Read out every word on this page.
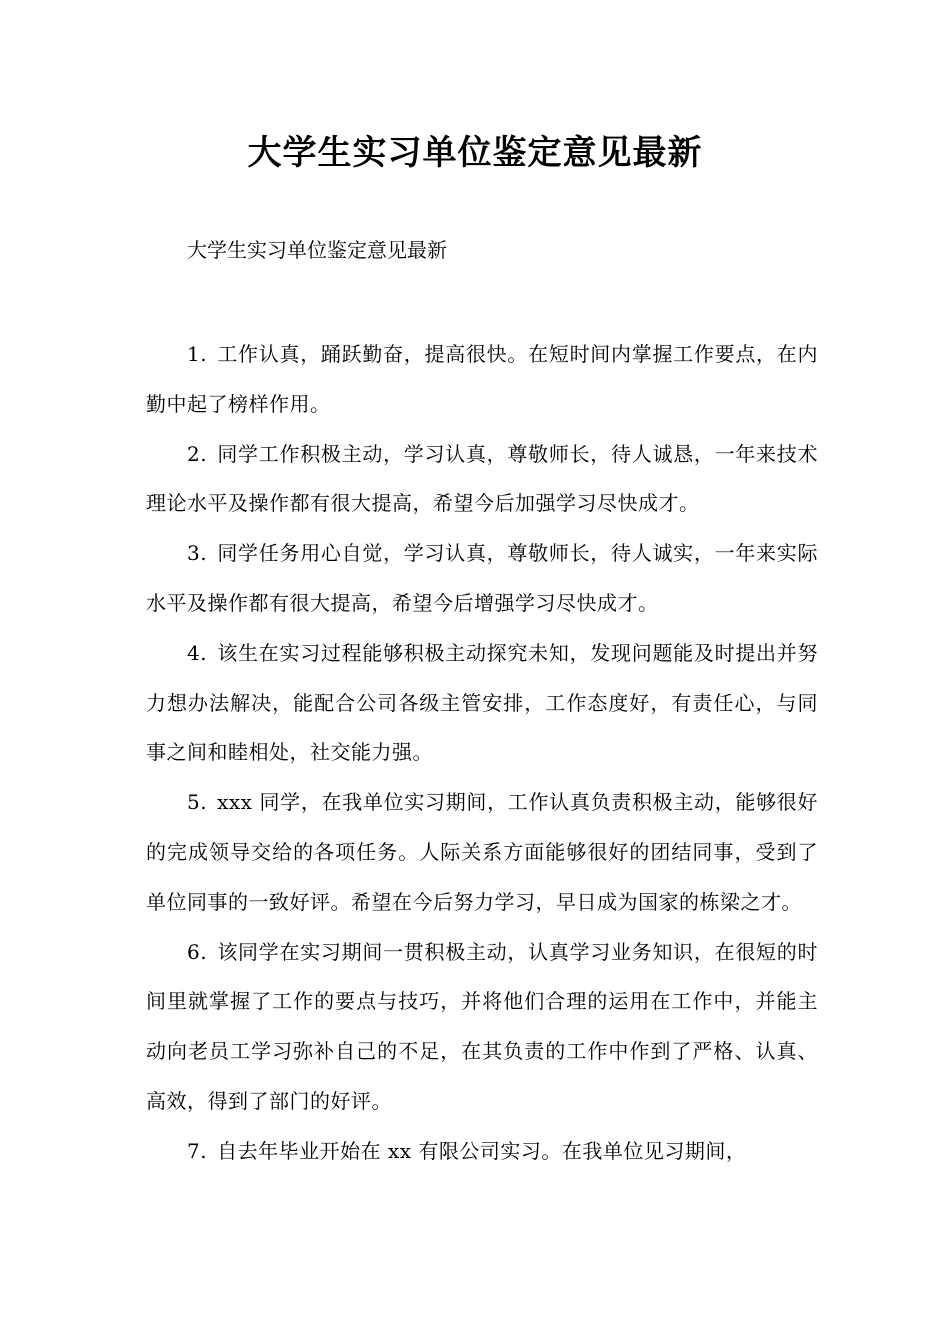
大学生实习单位鉴定意见最新

大学生实习单位鉴定意见最新

1. 工作认真，踊跃勤奋，提高很快。在短时间内掌握工作要点，在内勤中起了榜样作用。

2. 同学工作积极主动，学习认真，尊敬师长，待人诚恳，一年来技术理论水平及操作都有很大提高，希望今后加强学习尽快成才。

3. 同学任务用心自觉，学习认真，尊敬师长，待人诚实，一年来实际水平及操作都有很大提高，希望今后增强学习尽快成才。

4. 该生在实习过程能够积极主动探究未知，发现问题能及时提出并努力想办法解决，能配合公司各级主管安排，工作态度好，有责任心，与同事之间和睦相处，社交能力强。

5. xxx 同学，在我单位实习期间，工作认真负责积极主动，能够很好的完成领导交给的各项任务。人际关系方面能够很好的团结同事，受到了单位同事的一致好评。希望在今后努力学习，早日成为国家的栋梁之才。

6. 该同学在实习期间一贯积极主动，认真学习业务知识，在很短的时间里就掌握了工作的要点与技巧，并将他们合理的运用在工作中，并能主动向老员工学习弥补自己的不足，在其负责的工作中作到了严格、认真、高效，得到了部门的好评。

7. 自去年毕业开始在 xx 有限公司实习。在我单位见习期间，
